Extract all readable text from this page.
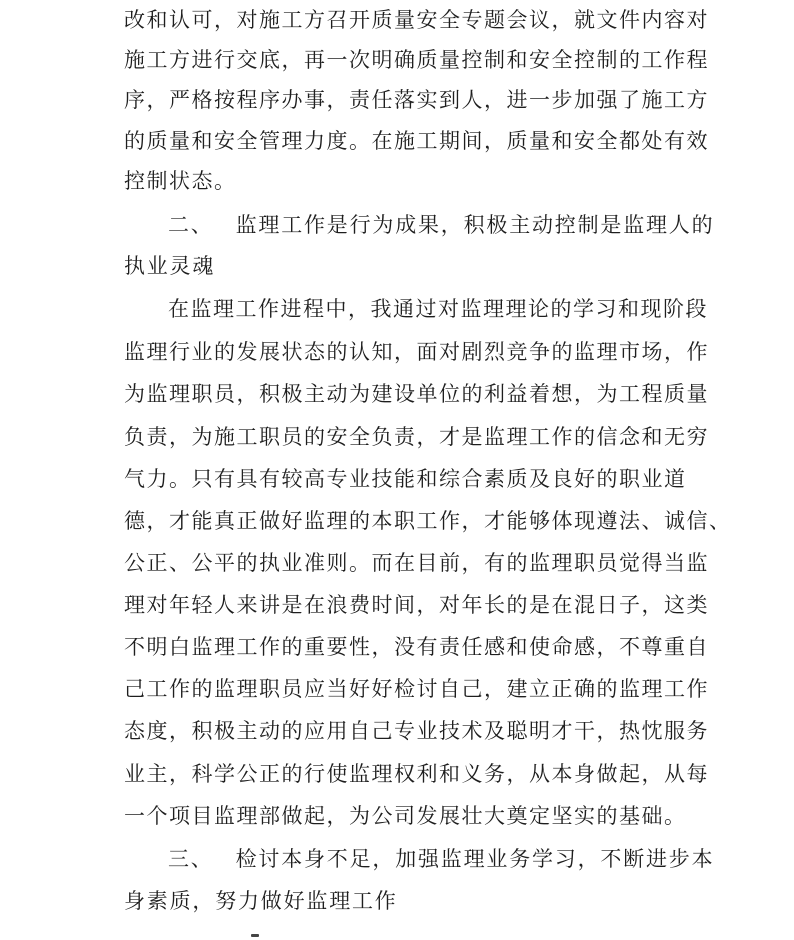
改和认可，对施工方召开质量安全专题会议，就文件内容对
施工方进行交底，再一次明确质量控制和安全控制的工作程
序，严格按程序办事，责任落实到人，进一步加强了施工方
的质量和安全管理力度。在施工期间，质量和安全都处有效
控制状态。
二、 监理工作是行为成果，积极主动控制是监理人的
执业灵魂
在监理工作进程中，我通过对监理理论的学习和现阶段
监理行业的发展状态的认知，面对剧烈竞争的监理市场，作
为监理职员，积极主动为建设单位的利益着想，为工程质量
负责，为施工职员的安全负责，才是监理工作的信念和无穷
气力。只有具有较高专业技能和综合素质及良好的职业道
德，才能真正做好监理的本职工作，才能够体现遵法、诚信、
公正、公平的执业准则。而在目前，有的监理职员觉得当监
理对年轻人来讲是在浪费时间，对年长的是在混日子，这类
不明白监理工作的重要性，没有责任感和使命感，不尊重自
己工作的监理职员应当好好检讨自己，建立正确的监理工作
态度，积极主动的应用自己专业技术及聪明才干，热忱服务
业主，科学公正的行使监理权利和义务，从本身做起，从每
一个项目监理部做起，为公司发展壮大奠定坚实的基础。
三、 检讨本身不足，加强监理业务学习，不断进步本
身素质，努力做好监理工作
